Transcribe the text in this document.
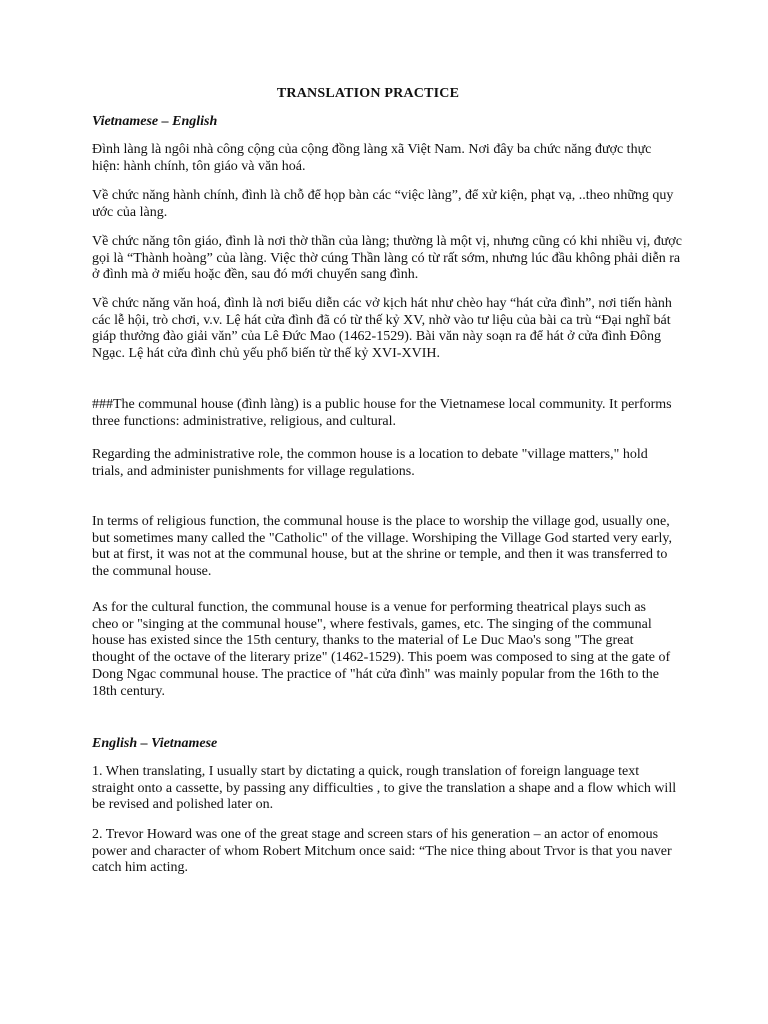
TRANSLATION PRACTICE
Vietnamese – English

Đình làng là ngôi nhà công cộng của cộng đồng làng xã Việt Nam. Nơi đây ba chức năng được thực hiện: hành chính, tôn giáo và văn hoá.

Về chức năng hành chính, đình là chỗ để họp bàn các “việc làng”, để xử kiện, phạt vạ, ..theo những quy ước của làng.

Về chức năng tôn giáo, đình là nơi thờ thần của làng; thường là một vị, nhưng cũng có khi nhiều vị, được gọi là “Thành hoàng” của làng. Việc thờ cúng Thần làng có từ rất sớm, nhưng lúc đầu không phải diễn ra ở đình mà ở miếu hoặc đền, sau đó mới chuyển sang đình.

Về chức năng văn hoá, đình là nơi biểu diễn các vở kịch hát như chèo hay “hát cửa đình”, nơi tiến hành các lễ hội, trò chơi, v.v. Lệ hát cửa đình đã có từ thế kỷ XV, nhờ vào tư liệu của bài ca trù “Đại nghĩ bát giáp thưởng đào giải văn” của Lê Đức Mao (1462-1529). Bài văn này soạn ra để hát ở cửa đình Đông Ngạc. Lệ hát cửa đình chủ yếu phổ biến từ thế kỷ XVI-XVIH.

###The communal house (đình làng) is a public house for the Vietnamese local community. It performs three functions: administrative, religious, and cultural.

Regarding the administrative role, the common house is a location to debate "village matters," hold trials, and administer punishments for village regulations.

In terms of religious function, the communal house is the place to worship the village god, usually one, but sometimes many called the "Catholic" of the village. Worshiping the Village God started very early, but at first, it was not at the communal house, but at the shrine or temple, and then it was transferred to the communal house.

As for the cultural function, the communal house is a venue for performing theatrical plays such as cheo or "singing at the communal house", where festivals, games, etc. The singing of the communal house has existed since the 15th century, thanks to the material of Le Duc Mao's song "The great thought of the octave of the literary prize" (1462-1529). This poem was composed to sing at the gate of Dong Ngac communal house. The practice of "hát cửa đình" was mainly popular from the 16th to the 18th century.

English – Vietnamese

1. When translating, I usually start by dictating a quick, rough translation of foreign language text straight onto a cassette, by passing any difficulties , to give the translation a shape and a flow which will be revised and polished later on.

2. Trevor Howard was one of the great stage and screen stars of his generation – an actor of enomous power and character of whom Robert Mitchum once said: “The nice thing about Trvor is that you naver catch him acting.
